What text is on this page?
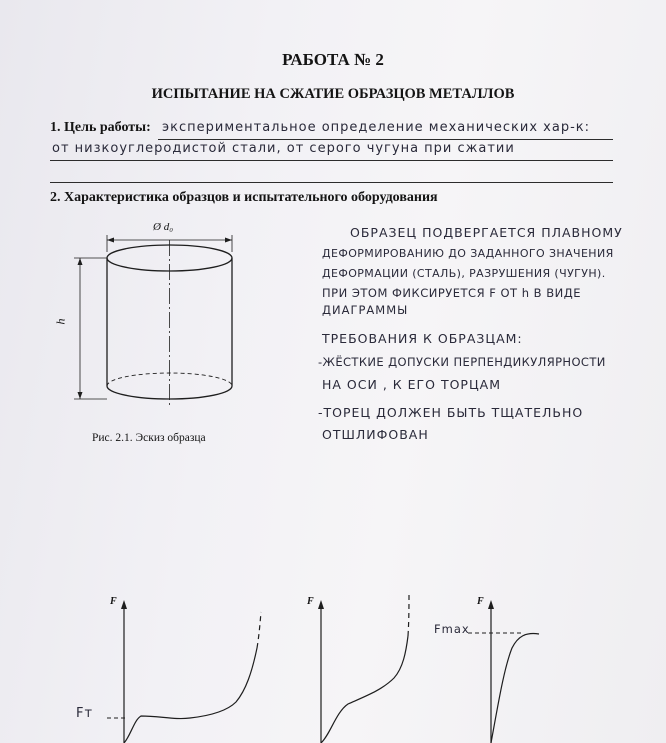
РАБОТА № 2
ИСПЫТАНИЕ НА СЖАТИЕ ОБРАЗЦОВ МЕТАЛЛОВ
1. Цель работы: экспериментальное определение механических хар-к:
от низкоуглеродистой стали, от серого чугуна при сжатии
2. Характеристика образцов и испытательного оборудования
Ø d₀
h
Рис. 2.1. Эскиз образца
ОБРАЗЕЦ ПОДВЕРГАЕТСЯ ПЛАВНОМУ
ДЕФОРМИРОВАНИЮ ДО ЗАДАННОГО ЗНАЧЕНИЯ
ДЕФОРМАЦИИ (СТАЛЬ), РАЗРУШЕНИЯ (ЧУГУН).
ПРИ ЭТОМ ФИКСИРУЕТСЯ F ОТ h В ВИДЕ
ДИАГРАММЫ
ТРЕБОВАНИЯ К ОБРАЗЦАМ:
-ЖЁСТКИЕ ДОПУСКИ ПЕРПЕНДИКУЛЯРНОСТИ
НА ОСИ , К ЕГО ТОРЦАМ
-ТОРЕЦ ДОЛЖЕН БЫТЬ ТЩАТЕЛЬНО
ОТШЛИФОВАН
F	F	F
Fт
Fmax
